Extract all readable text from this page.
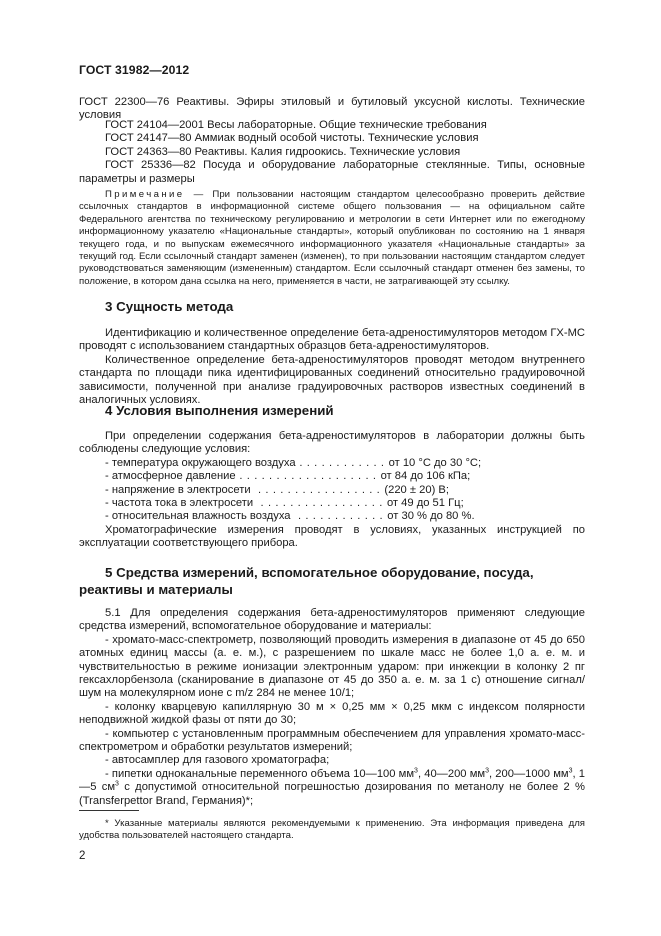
ГОСТ 31982—2012

ГОСТ 22300—76 Реактивы. Эфиры этиловый и бутиловый уксусной кислоты. Технические условия

ГОСТ 24104—2001 Весы лабораторные. Общие технические требования

ГОСТ 24147—80 Аммиак водный особой чистоты. Технические условия

ГОСТ 24363—80 Реактивы. Калия гидроокись. Технические условия

ГОСТ 25336—82 Посуда и оборудование лабораторные стеклянные. Типы, основные параметры и размеры

Примечание — При пользовании настоящим стандартом целесообразно проверить действие ссылочных стандартов в информационной системе общего пользования — на официальном сайте Федерального агентства по техническому регулированию и метрологии в сети Интернет или по ежегодному информационному указателю «Национальные стандарты», который опубликован по состоянию на 1 января текущего года, и по выпускам ежемесячного информационного указателя «Национальные стандарты» за текущий год. Если ссылочный стандарт заменен (изменен), то при пользовании настоящим стандартом следует руководствоваться заменяющим (измененным) стандартом. Если ссылочный стандарт отменен без замены, то положение, в котором дана ссылка на него, применяется в части, не затрагивающей эту ссылку.

3 Сущность метода

Идентификацию и количественное определение бета-адреностимуляторов методом ГХ-МС проводят с использованием стандартных образцов бета-адреностимуляторов.

Количественное определение бета-адреностимуляторов проводят методом внутреннего стандарта по площади пика идентифицированных соединений относительно градуировочной зависимости, полученной при анализе градуировочных растворов известных соединений в аналогичных условиях.

4 Условия выполнения измерений

При определении содержания бета-адреностимуляторов в лаборатории должны быть соблюдены следующие условия:

- температура окружающего воздуха . . . . . . . . . . . . от 10 °С до 30 °С;
- атмосферное давление . . . . . . . . . . . . . . . . . . . от 84 до 106 кПа;
- напряжение в электросети . . . . . . . . . . . . . . . . . (220 ± 20) В;
- частота тока в электросети . . . . . . . . . . . . . . . . . от 49 до 51 Гц;
- относительная влажность воздуха . . . . . . . . . . . . от 30 % до 80 %.

Хроматографические измерения проводят в условиях, указанных инструкцией по эксплуатации соответствующего прибора.

5 Средства измерений, вспомогательное оборудование, посуда,
реактивы и материалы

5.1 Для определения содержания бета-адреностимуляторов применяют следующие средства измерений, вспомогательное оборудование и материалы:

- хромато-масс-спектрометр, позволяющий проводить измерения в диапазоне от 45 до 650 атомных единиц массы (а. е. м.), с разрешением по шкале масс не более 1,0 а. е. м. и чувствительностью в режиме ионизации электронным ударом: при инжекции в колонку 2 пг гексахлорбензола (сканирование в диапазоне от 45 до 350 а. е. м. за 1 с) отношение сигнал/шум на молекулярном ионе с m/z 284 не менее 10/1;

- колонку кварцевую капиллярную 30 м × 0,25 мм × 0,25 мкм с индексом полярности неподвижной жидкой фазы от пяти до 30;

- компьютер с установленным программным обеспечением для управления хромато-масс-спектрометром и обработки результатов измерений;

- автосамплер для газового хроматографа;

- пипетки одноканальные переменного объема 10—100 $мм^3$, 40—200 $мм^3$, 200—1000 $мм^3$, 1—5 $см^3$ с допустимой относительной погрешностью дозирования по метанолу не более 2 % (Transferpettor Brand, Германия)*;

* Указанные материалы являются рекомендуемыми к применению. Эта информация приведена для удобства пользователей настоящего стандарта.

2
